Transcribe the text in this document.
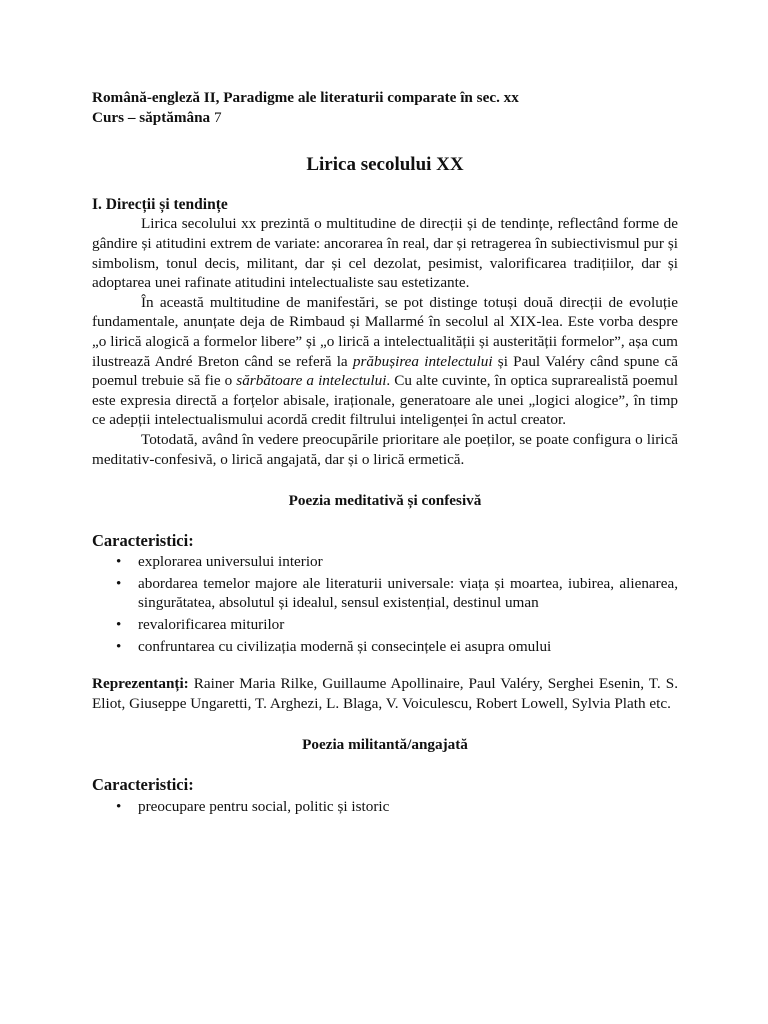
Română-engleză II, Paradigme ale literaturii comparate în sec. xx

Curs – săptămâna 7

Lirica secolului XX

I. Direcții și tendințe

Lirica secolului xx prezintă o multitudine de direcții și de tendințe, reflectând forme de gândire și atitudini extrem de variate: ancorarea în real, dar și retragerea în subiectivismul pur și simbolism, tonul decis, militant, dar și cel dezolat, pesimist, valorificarea tradițiilor, dar și adoptarea unei rafinate atitudini intelectualiste sau estetizante.

În această multitudine de manifestări, se pot distinge totuși două direcții de evoluție fundamentale, anunțate deja de Rimbaud și Mallarmé în secolul al XIX-lea. Este vorba despre „o lirică alogică a formelor libere” și „o lirică a intelectualității și austerității formelor”, așa cum ilustrează André Breton când se referă la prăbușirea intelectului și Paul Valéry când spune că poemul trebuie să fie o sărbătoare a intelectului. Cu alte cuvinte, în optica suprarealistă poemul este expresia directă a forțelor abisale, iraționale, generatoare ale unei „logici alogice”, în timp ce adepții intelectualismului acordă credit filtrului inteligenței în actul creator.

Totodată, având în vedere preocupările prioritare ale poeților, se poate configura o lirică meditativ-confesivă, o lirică angajată, dar și o lirică ermetică.

Poezia meditativă și confesivă

Caracteristici:

• explorarea universului interior
• abordarea temelor majore ale literaturii universale: viața și moartea, iubirea, alienarea, singurătatea, absolutul și idealul, sensul existențial, destinul uman
• revalorificarea miturilor
• confruntarea cu civilizația modernă și consecințele ei asupra omului

Reprezentanți: Rainer Maria Rilke, Guillaume Apollinaire, Paul Valéry, Serghei Esenin, T. S. Eliot, Giuseppe Ungaretti, T. Arghezi, L. Blaga, V. Voiculescu, Robert Lowell, Sylvia Plath etc.

Poezia militantă/angajată

Caracteristici:

• preocupare pentru social, politic și istoric
